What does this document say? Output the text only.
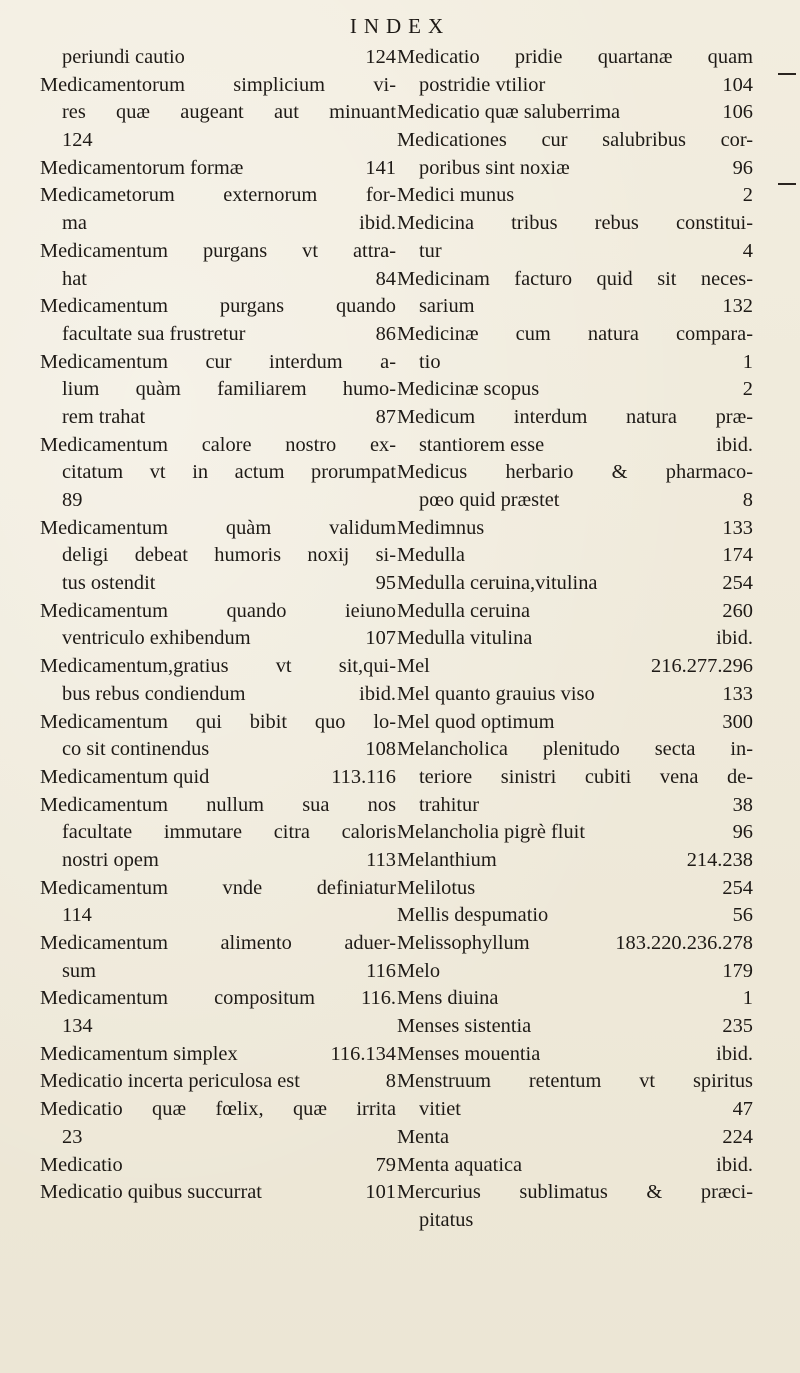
INDEX
periundi cautio	124
Medicamentorum simplicium vi-
res quæ augeant aut minuant
124
Medicamentorum formæ	141
Medicametorum externorum for-
ma	ibid.
Medicamentum purgans vt attra-
hat	84
Medicamentum purgans quando
facultate sua frustretur	86
Medicamentum cur interdum a-
lium quàm familiarem humo-
rem trahat	87
Medicamentum calore nostro ex-
citatum vt in actum prorumpat
89
Medicamentum quàm validum
deligi debeat humoris noxij si-
tus ostendit	95
Medicamentum quando ieiuno
ventriculo exhibendum	107
Medicamentum,gratius vt sit,qui-
bus rebus condiendum	ibid.
Medicamentum qui bibit quo lo-
co sit continendus	108
Medicamentum quid	113.116
Medicamentum nullum sua nos
facultate immutare citra caloris
nostri opem	113
Medicamentum vnde definiatur
114
Medicamentum alimento aduer-
sum	116
Medicamentum compositum 116.
134
Medicamentum simplex	116.134
Medicatio incerta periculosa est	8
Medicatio quæ fœlix, quæ irrita
23
Medicatio	79
Medicatio quibus succurrat	101
Medicatio pridie quartanæ quam
postridie vtilior	104
Medicatio quæ saluberrima	106
Medicationes cur salubribus cor-
poribus sint noxiæ	96
Medici munus	2
Medicina tribus rebus constitui-
tur	4
Medicinam facturo quid sit neces-
sarium	132
Medicinæ cum natura compara-
tio	1
Medicinæ scopus	2
Medicum interdum natura præ-
stantiorem esse	ibid.
Medicus herbario & pharmaco-
pœo quid præstet	8
Medimnus	133
Medulla	174
Medulla ceruina,vitulina	254
Medulla ceruina	260
Medulla vitulina	ibid.
Mel	216.277.296
Mel quanto grauius viso	133
Mel quod optimum	300
Melancholica plenitudo secta in-
teriore sinistri cubiti vena de-
trahitur	38
Melancholia pigrè fluit	96
Melanthium	214.238
Melilotus	254
Mellis despumatio	56
Melissophyllum	183.220.236.278
Melo	179
Mens diuina	1
Menses sistentia	235
Menses mouentia	ibid.
Menstruum retentum vt spiritus
vitiet	47
Menta	224
Menta aquatica	ibid.
Mercurius sublimatus & præci-
pitatus
